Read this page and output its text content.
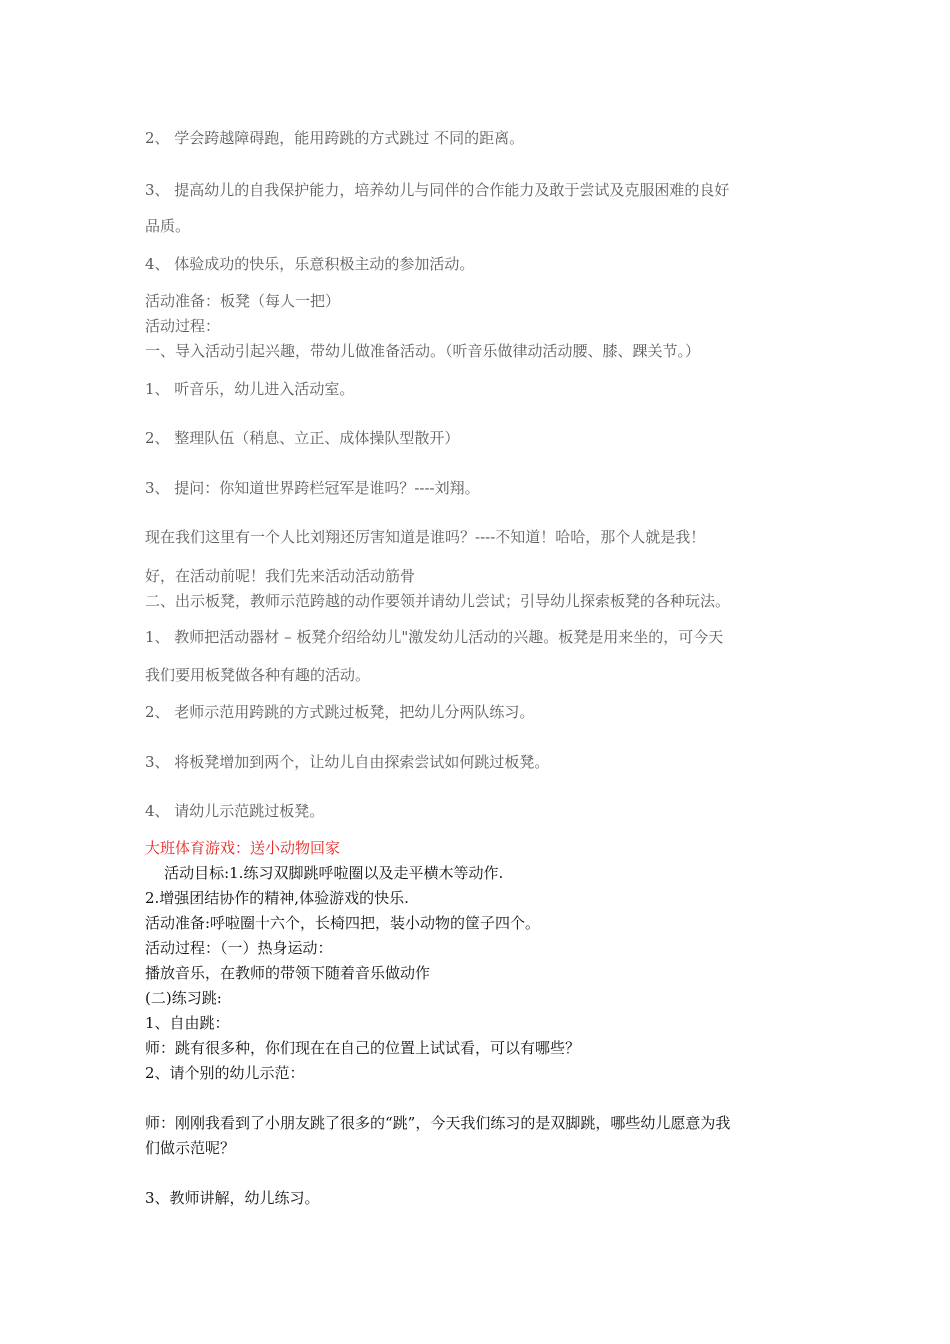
2、 学会跨越障碍跑，能用跨跳的方式跳过 不同的距离。
3、 提高幼儿的自我保护能力，培养幼儿与同伴的合作能力及敢于尝试及克服困难的良好
品质。
4、 体验成功的快乐，乐意积极主动的参加活动。
活动准备：板凳（每人一把）
活动过程：
一、导入活动引起兴趣，带幼儿做准备活动。（听音乐做律动活动腰、膝、踝关节。）
1、 听音乐，幼儿进入活动室。
2、 整理队伍（稍息、立正、成体操队型散开）
3、 提问：你知道世界跨栏冠军是谁吗？----刘翔。
现在我们这里有一个人比刘翔还厉害知道是谁吗？----不知道！哈哈，那个人就是我！
好，在活动前呢！我们先来活动活动筋骨
二、出示板凳，教师示范跨越的动作要领并请幼儿尝试；引导幼儿探索板凳的各种玩法。
1、 教师把活动器材 – 板凳介绍给幼儿"激发幼儿活动的兴趣。板凳是用来坐的，可今天
我们要用板凳做各种有趣的活动。
2、 老师示范用跨跳的方式跳过板凳，把幼儿分两队练习。
3、 将板凳增加到两个，让幼儿自由探索尝试如何跳过板凳。
4、 请幼儿示范跳过板凳。
大班体育游戏：送小动物回家
活动目标:1.练习双脚跳呼啦圈以及走平横木等动作.
2.增强团结协作的精神,体验游戏的快乐.
活动准备:呼啦圈十六个，长椅四把，装小动物的筐子四个。
活动过程：（一）热身运动：
播放音乐，在教师的带领下随着音乐做动作
(二)练习跳:
1、自由跳：
师：跳有很多种，你们现在在自己的位置上试试看，可以有哪些？
2、请个别的幼儿示范：
师：刚刚我看到了小朋友跳了很多的“跳”，今天我们练习的是双脚跳，哪些幼儿愿意为我
们做示范呢？
3、教师讲解，幼儿练习。
